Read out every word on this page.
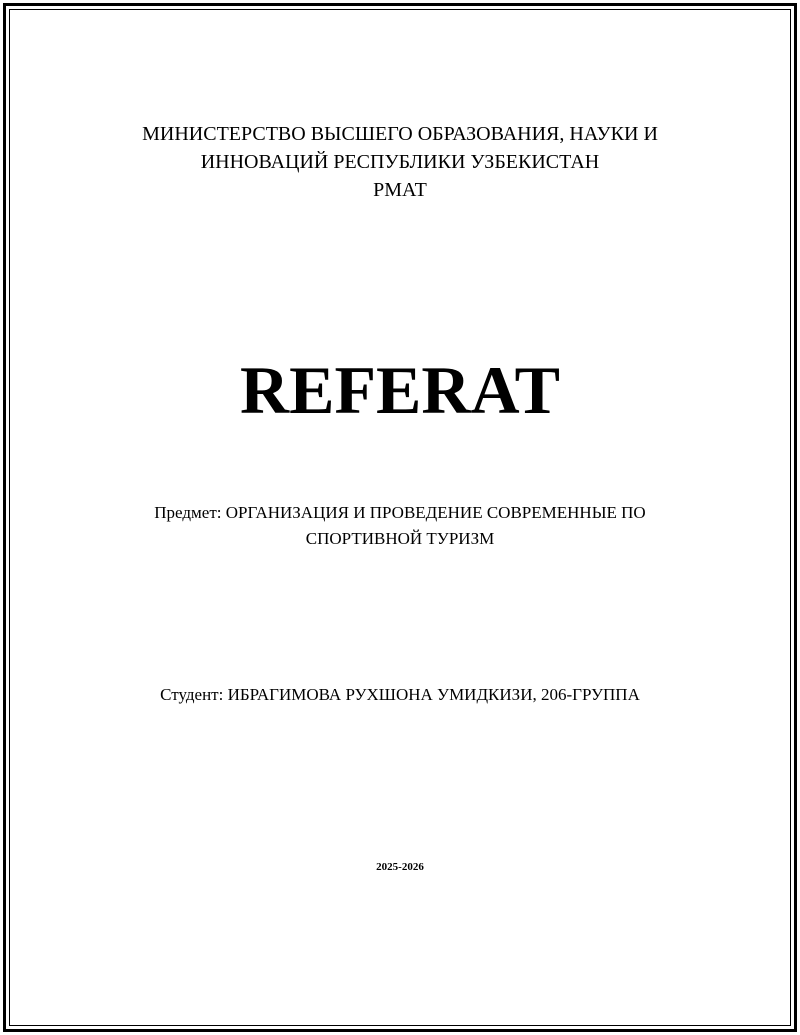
МИНИСТЕРСТВО ВЫСШЕГО ОБРАЗОВАНИЯ, НАУКИ И
ИННОВАЦИЙ РЕСПУБЛИКИ УЗБЕКИСТАН
РМАТ
REFERAT
Предмет: ОРГАНИЗАЦИЯ И ПРОВЕДЕНИЕ СОВРЕМЕННЫЕ ПО
СПОРТИВНОЙ ТУРИЗМ
Студент: ИБРАГИМОВА РУХШОНА УМИДКИЗИ, 206-ГРУППА
2025-2026
